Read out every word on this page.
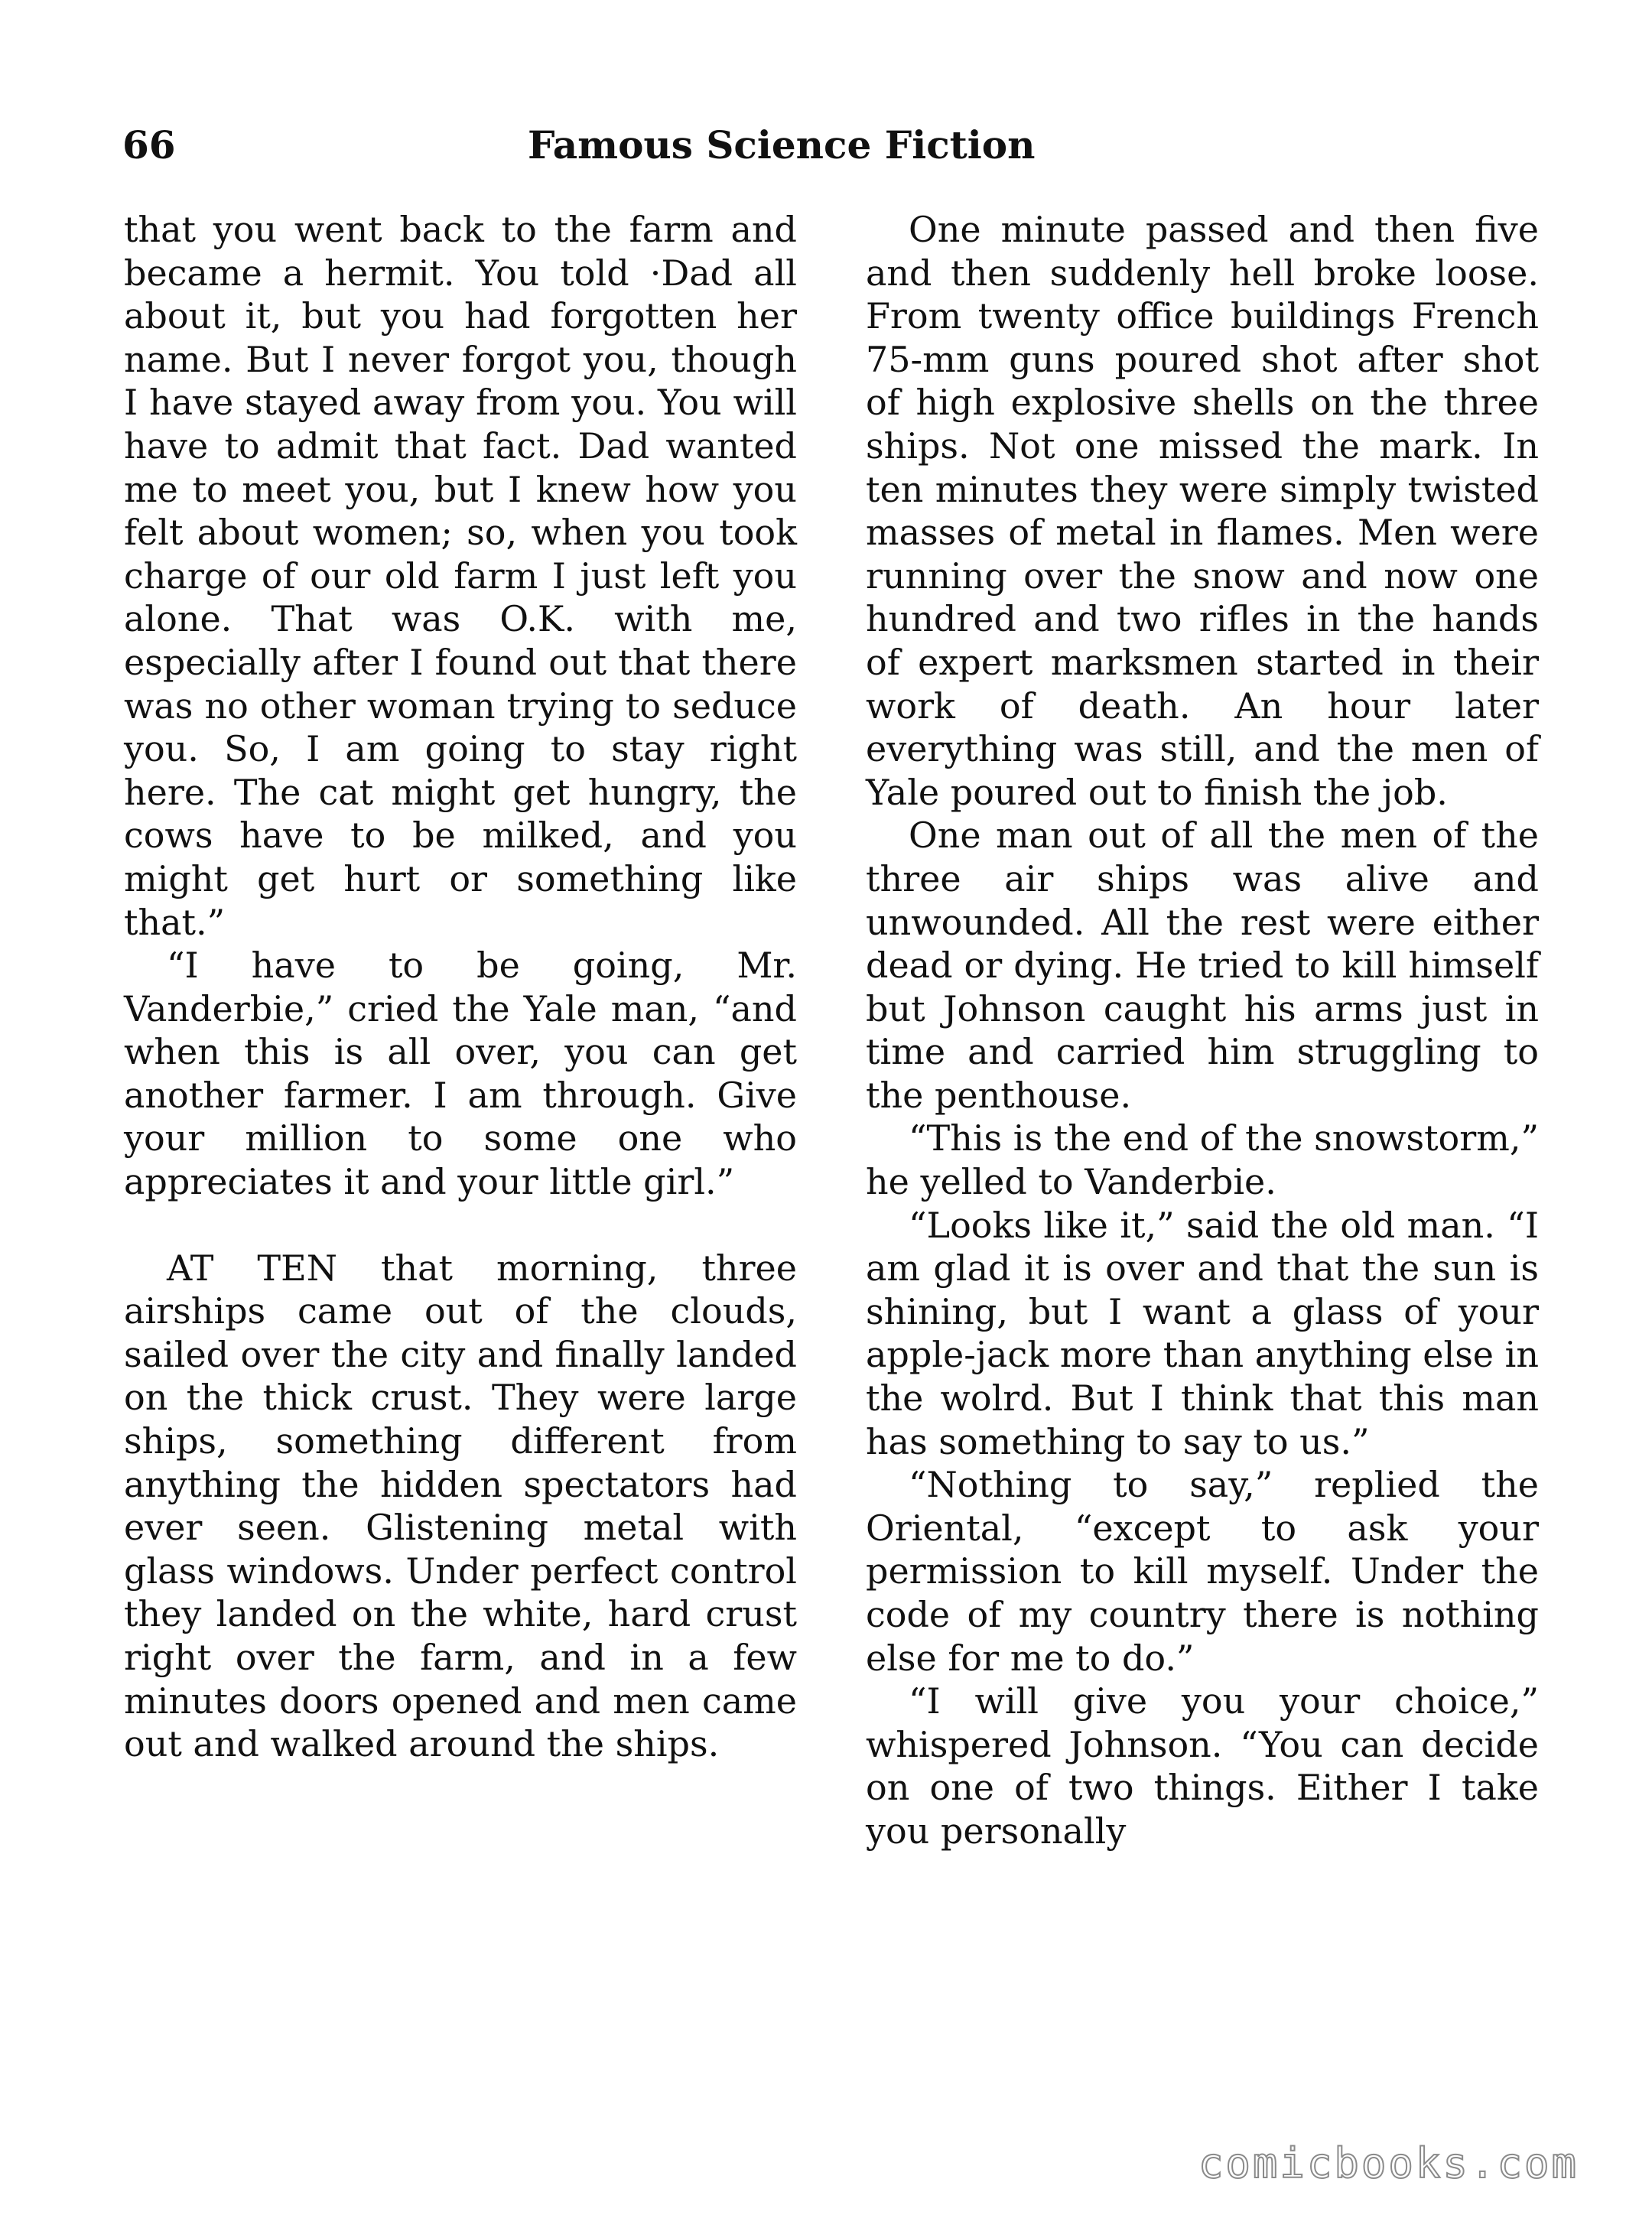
66	Famous Science Fiction

that you went back to the farm and became a hermit. You told ·Dad all about it, but you had forgotten her name. But I never forgot you, though I have stayed away from you. You will have to admit that fact. Dad wanted me to meet you, but I knew how you felt about women; so, when you took charge of our old farm I just left you alone. That was O.K. with me, especially after I found out that there was no other woman trying to seduce you. So, I am going to stay right here. The cat might get hungry, the cows have to be milked, and you might get hurt or something like that.”

“I have to be going, Mr. Vanderbie,” cried the Yale man, “and when this is all over, you can get another farmer. I am through. Give your million to some one who appreciates it and your little girl.”

AT TEN that morning, three airships came out of the clouds, sailed over the city and finally landed on the thick crust. They were large ships, something different from anything the hidden spectators had ever seen. Glistening metal with glass windows. Under perfect control they landed on the white, hard crust right over the farm, and in a few minutes doors opened and men came out and walked around the ships.

One minute passed and then five and then suddenly hell broke loose. From twenty office buildings French 75-mm guns poured shot after shot of high explosive shells on the three ships. Not one missed the mark. In ten minutes they were simply twisted masses of metal in flames. Men were running over the snow and now one hundred and two rifles in the hands of expert marksmen started in their work of death. An hour later everything was still, and the men of Yale poured out to finish the job.

One man out of all the men of the three air ships was alive and unwounded. All the rest were either dead or dying. He tried to kill himself but Johnson caught his arms just in time and carried him struggling to the penthouse.

“This is the end of the snowstorm,” he yelled to Vanderbie.

“Looks like it,” said the old man. “I am glad it is over and that the sun is shining, but I want a glass of your apple-jack more than anything else in the wolrd. But I think that this man has something to say to us.”

“Nothing to say,” replied the Oriental, “except to ask your permission to kill myself. Under the code of my country there is nothing else for me to do.”

“I will give you your choice,” whispered Johnson. “You can decide on one of two things. Either I take you personally

comicbooks.com
